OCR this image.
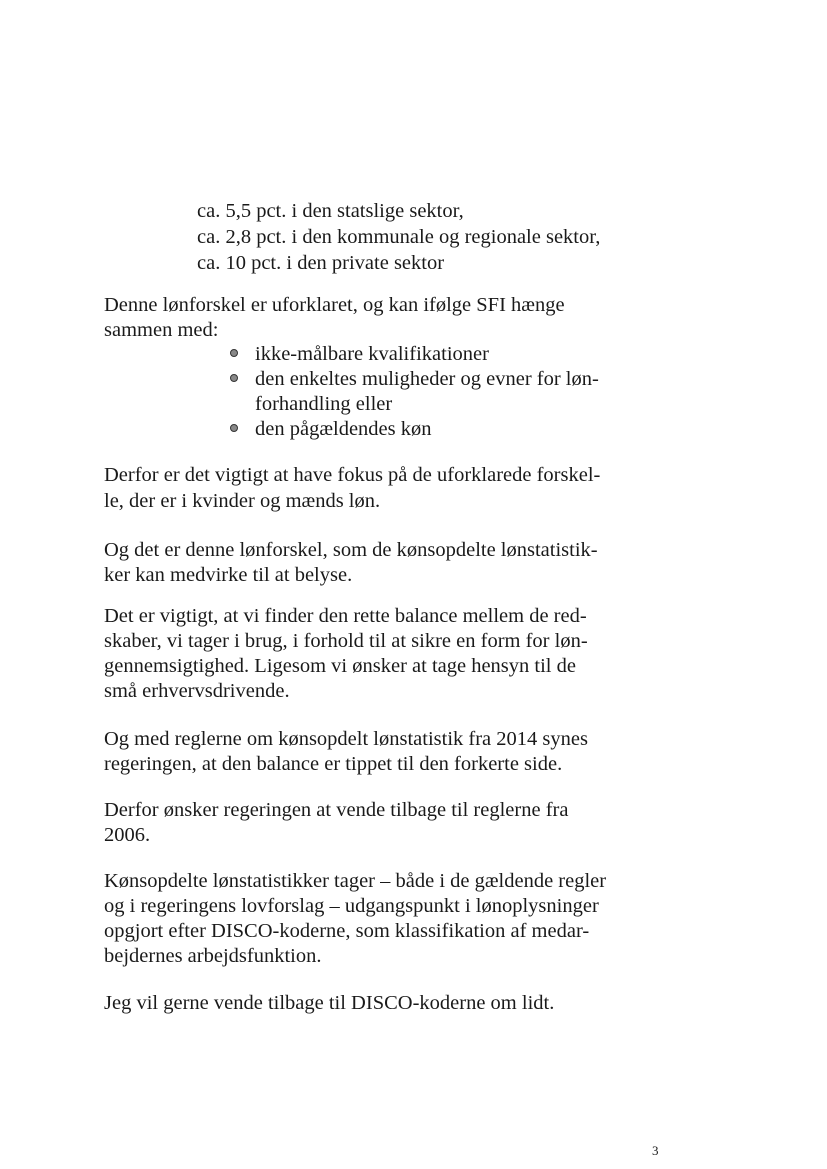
ca. 5,5 pct. i den statslige sektor,

ca. 2,8 pct. i den kommunale og regionale sektor,

ca. 10 pct. i den private sektor

Denne lønforskel er uforklaret, og kan ifølge SFI hænge

sammen med:

ikke-målbare kvalifikationer

den enkeltes muligheder og evner for løn-

forhandling eller

den pågældendes køn

Derfor er det vigtigt at have fokus på de uforklarede forskel-

le, der er i kvinder og mænds løn.

Og det er denne lønforskel, som de kønsopdelte lønstatistik-

ker kan medvirke til at belyse.

Det er vigtigt, at vi finder den rette balance mellem de red-

skaber, vi tager i brug, i forhold til at sikre en form for løn-

gennemsigtighed. Ligesom vi ønsker at tage hensyn til de

små erhvervsdrivende.

Og med reglerne om kønsopdelt lønstatistik fra 2014 synes

regeringen, at den balance er tippet til den forkerte side.

Derfor ønsker regeringen at vende tilbage til reglerne fra

2006.

Kønsopdelte lønstatistikker tager – både i de gældende regler

og i regeringens lovforslag – udgangspunkt i lønoplysninger

opgjort efter DISCO-koderne, som klassifikation af medar-

bejdernes arbejdsfunktion.

Jeg vil gerne vende tilbage til DISCO-koderne om lidt.

3
